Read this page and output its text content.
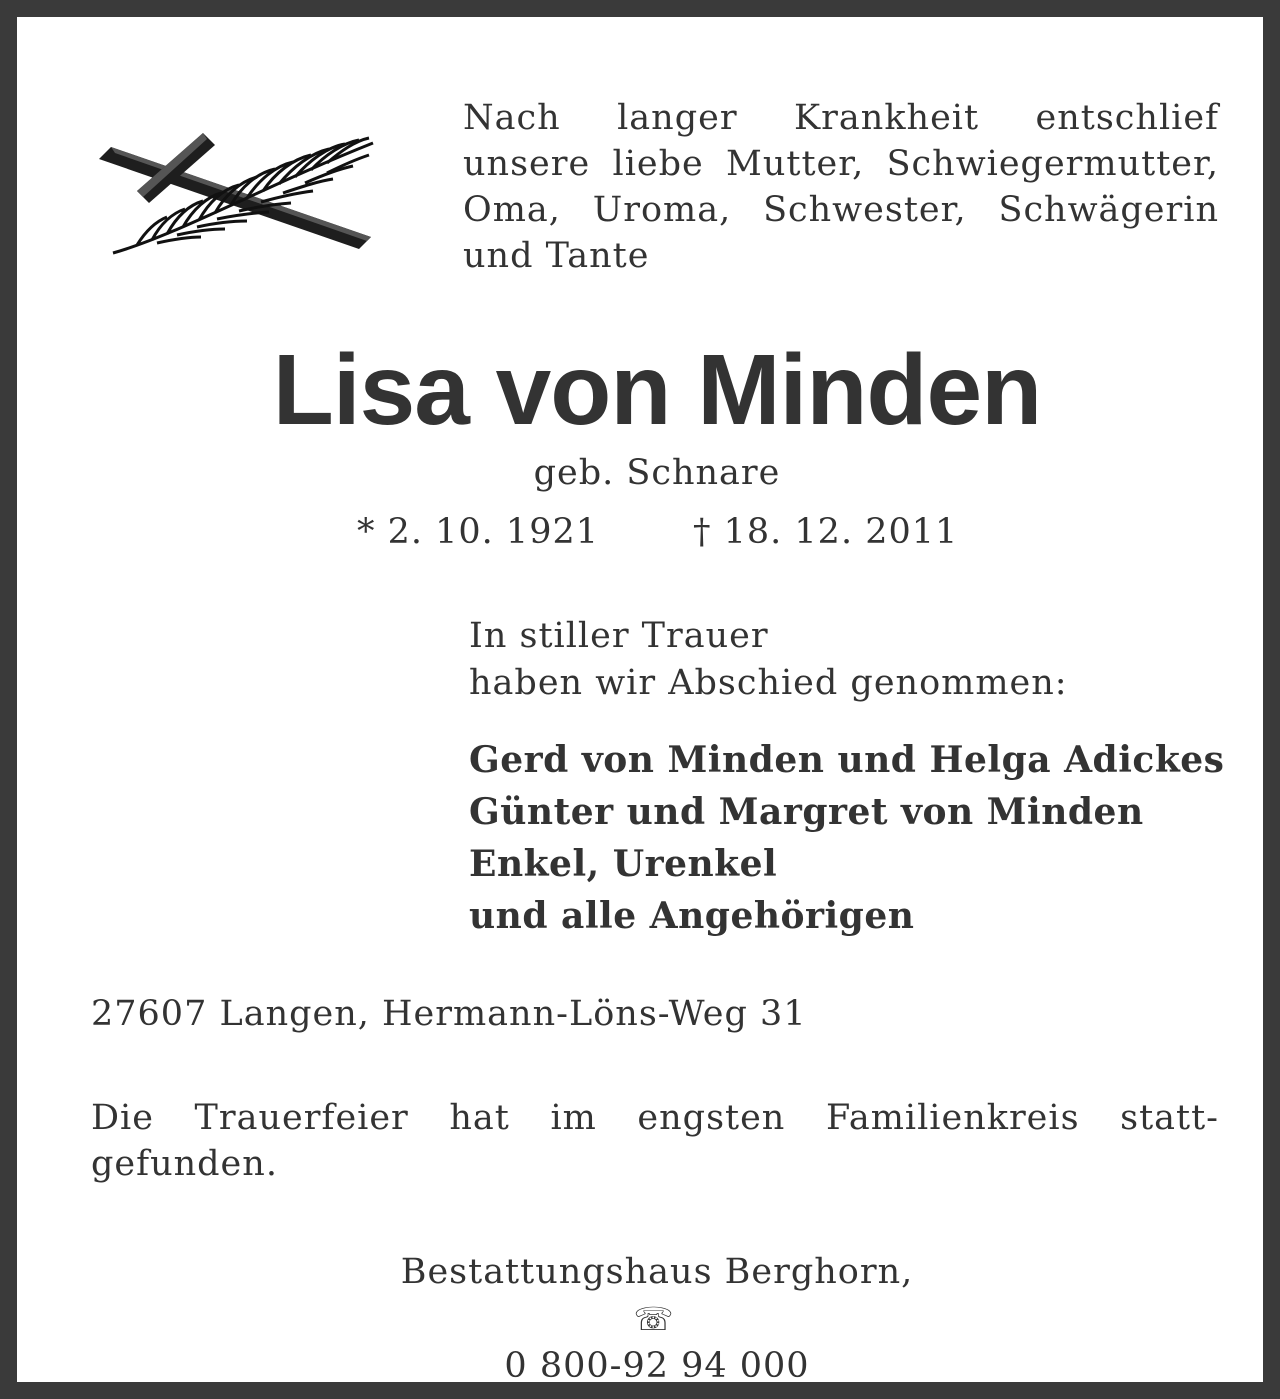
Nach langer Krankheit entschlief
unsere liebe Mutter, Schwiegermutter,
Oma, Uroma, Schwester, Schwägerin
und Tante
Lisa von Minden
geb. Schnare
* 2. 10. 1921	† 18. 12. 2011
In stiller Trauer
haben wir Abschied genommen:
Gerd von Minden und Helga Adickes
Günter und Margret von Minden
Enkel, Urenkel
und alle Angehörigen
27607 Langen, Hermann-Löns-Weg 31
Die Trauerfeier hat im engsten Familienkreis statt-
gefunden.
Bestattungshaus Berghorn,
☏
0 800-92 94 000
